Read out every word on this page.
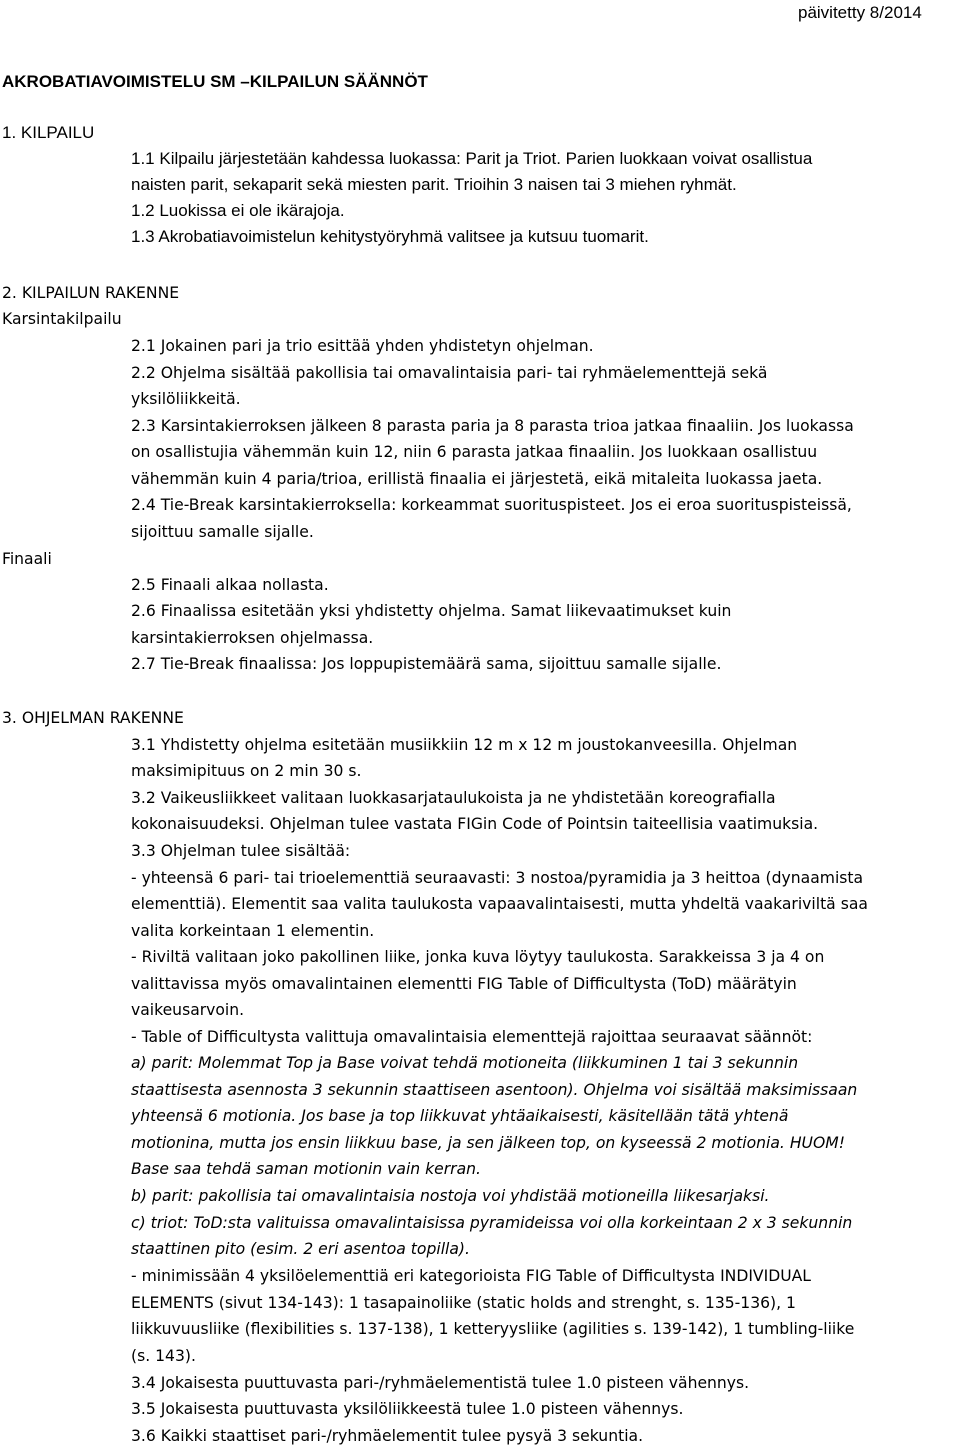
päivitetty 8/2014
AKROBATIAVOIMISTELU SM –KILPAILUN SÄÄNNÖT
1. KILPAILU
1.1 Kilpailu järjestetään kahdessa luokassa: Parit ja Triot. Parien luokkaan voivat osallistua
naisten parit, sekaparit sekä miesten parit. Trioihin 3 naisen tai 3 miehen ryhmät.
1.2 Luokissa ei ole ikärajoja.
1.3 Akrobatiavoimistelun kehitystyöryhmä valitsee ja kutsuu tuomarit.
2. KILPAILUN RAKENNE
Karsintakilpailu
2.1 Jokainen pari ja trio esittää yhden yhdistetyn ohjelman.
2.2 Ohjelma sisältää pakollisia tai omavalintaisia pari- tai ryhmäelementtejä sekä
yksilöliikkeitä.
2.3 Karsintakierroksen jälkeen 8 parasta paria ja 8 parasta trioa jatkaa finaaliin. Jos luokassa
on osallistujia vähemmän kuin 12, niin 6 parasta jatkaa finaaliin. Jos luokkaan osallistuu
vähemmän kuin 4 paria/trioa, erillistä finaalia ei järjestetä, eikä mitaleita luokassa jaeta.
2.4 Tie-Break karsintakierroksella: korkeammat suorituspisteet. Jos ei eroa suorituspisteissä,
sijoittuu samalle sijalle.
Finaali
2.5 Finaali alkaa nollasta.
2.6 Finaalissa esitetään yksi yhdistetty ohjelma. Samat liikevaatimukset kuin
karsintakierroksen ohjelmassa.
2.7 Tie-Break finaalissa: Jos loppupistemäärä sama, sijoittuu samalle sijalle.
3. OHJELMAN RAKENNE
3.1 Yhdistetty ohjelma esitetään musiikkiin 12 m x 12 m joustokanveesilla. Ohjelman
maksimipituus on 2 min 30 s.
3.2 Vaikeusliikkeet valitaan luokkasarjataulukoista ja ne yhdistetään koreografialla
kokonaisuudeksi. Ohjelman tulee vastata FIGin Code of Pointsin taiteellisia vaatimuksia.
3.3 Ohjelman tulee sisältää:
- yhteensä 6 pari- tai trioelementtiä seuraavasti: 3 nostoa/pyramidia ja 3 heittoa (dynaamista
elementtiä). Elementit saa valita taulukosta vapaavalintaisesti, mutta yhdeltä vaakariviltä saa
valita korkeintaan 1 elementin.
- Riviltä valitaan joko pakollinen liike, jonka kuva löytyy taulukosta. Sarakkeissa 3 ja 4 on
valittavissa myös omavalintainen elementti FIG Table of Difficultysta (ToD) määrätyin
vaikeusarvoin.
- Table of Difficultysta valittuja omavalintaisia elementtejä rajoittaa seuraavat säännöt:
a) parit: Molemmat Top ja Base voivat tehdä motioneita (liikkuminen 1 tai 3 sekunnin
staattisesta asennosta 3 sekunnin staattiseen asentoon). Ohjelma voi sisältää maksimissaan
yhteensä 6 motionia. Jos base ja top liikkuvat yhtäaikaisesti, käsitellään tätä yhtenä
motionina, mutta jos ensin liikkuu base, ja sen jälkeen top, on kyseessä 2 motionia. HUOM!
Base saa tehdä saman motionin vain kerran.
b) parit: pakollisia tai omavalintaisia nostoja voi yhdistää motioneilla liikesarjaksi.
c) triot: ToD:sta valituissa omavalintaisissa pyramideissa voi olla korkeintaan 2 x 3 sekunnin
staattinen pito (esim. 2 eri asentoa topilla).
- minimissään 4 yksilöelementtiä eri kategorioista FIG Table of Difficultysta INDIVIDUAL
ELEMENTS (sivut 134-143): 1 tasapainoliike (static holds and strenght, s. 135-136), 1
liikkuvuusliike (flexibilities s. 137-138), 1 ketteryysliike (agilities s. 139-142), 1 tumbling-liike
(s. 143).
3.4 Jokaisesta puuttuvasta pari-/ryhmäelementistä tulee 1.0 pisteen vähennys.
3.5 Jokaisesta puuttuvasta yksilöliikkeestä tulee 1.0 pisteen vähennys.
3.6 Kaikki staattiset pari-/ryhmäelementit tulee pysyä 3 sekuntia.
